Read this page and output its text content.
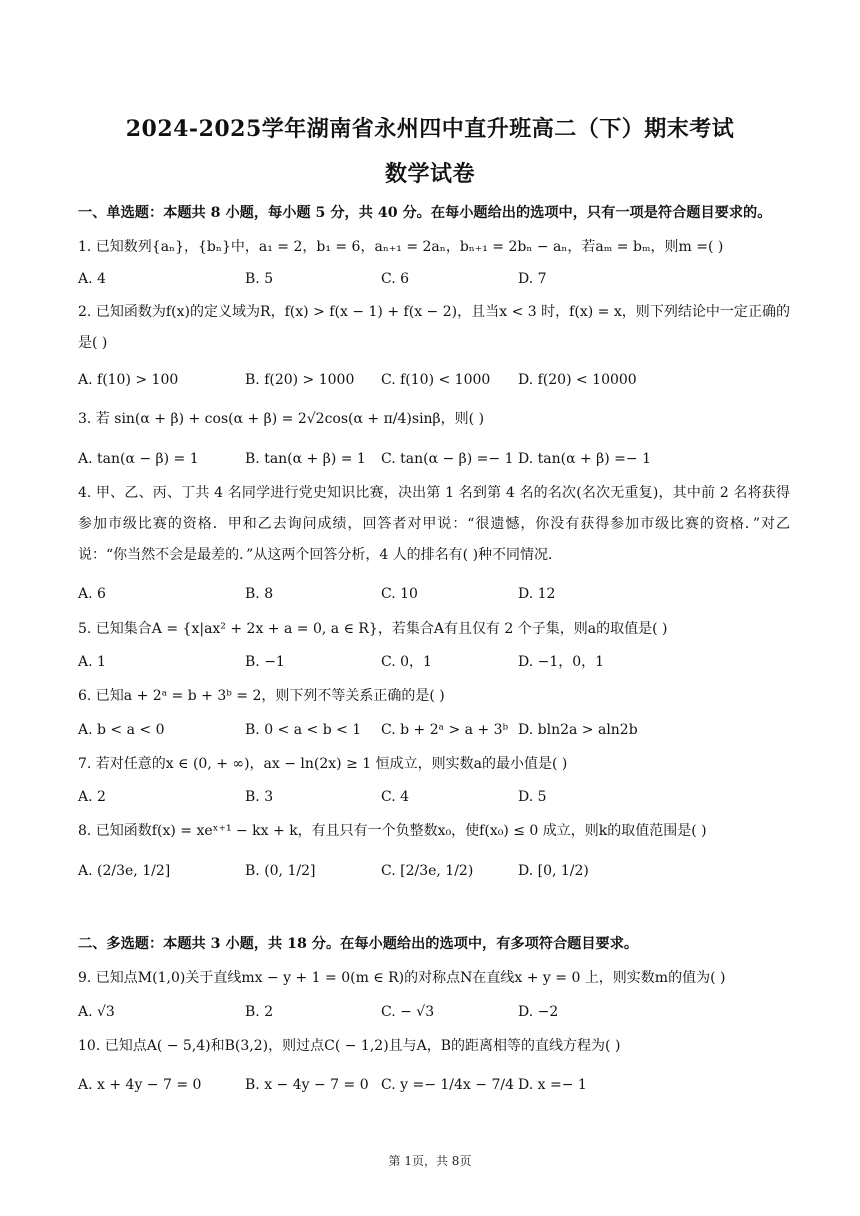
2024-2025学年湖南省永州四中直升班高二（下）期末考试
数学试卷
一、单选题：本题共 8 小题，每小题 5 分，共 40 分。在每小题给出的选项中，只有一项是符合题目要求的。
1. 已知数列{aₙ}，{bₙ}中，a₁ = 2，b₁ = 6，aₙ₊₁ = 2aₙ，bₙ₊₁ = 2bₙ − aₙ，若aₘ = bₘ，则m =( )
A. 4	B. 5	C. 6	D. 7
2. 已知函数为f(x)的定义域为R，f(x) > f(x − 1) + f(x − 2)，且当x < 3 时，f(x) = x，则下列结论中一定正确的是( )
A. f(10) > 100	B. f(20) > 1000 C. f(10) < 1000 D. f(20) < 10000
3. 若 sin(α + β) + cos(α + β) = 2√2cos(α + π/4)sinβ，则( )
A. tan(α − β) = 1	B. tan(α + β) = 1 C. tan(α − β) =− 1 D. tan(α + β) =− 1
4. 甲、乙、丙、丁共 4 名同学进行党史知识比赛，决出第 1 名到第 4 名的名次(名次无重复)，其中前 2 名将获得参加市级比赛的资格．甲和乙去询问成绩，回答者对甲说：“很遗憾，你没有获得参加市级比赛的资格．”对乙说：“你当然不会是最差的．”从这两个回答分析，4 人的排名有( )种不同情况．
A. 6	B. 8	C. 10	D. 12
5. 已知集合A = {x|ax² + 2x + a = 0, a ∈ R}，若集合A有且仅有 2 个子集，则a的取值是( )
A. 1	B. −1	C. 0，1	D. −1，0，1
6. 已知a + 2ᵃ = b + 3ᵇ = 2，则下列不等关系正确的是( )
A. b < a < 0	B. 0 < a < b < 1 C. b + 2ᵃ > a + 3ᵇ D. bln2a > aln2b
7. 若对任意的x ∈ (0, + ∞)，ax − ln(2x) ≥ 1 恒成立，则实数a的最小值是( )
A. 2	B. 3	C. 4	D. 5
8. 已知函数f(x) = xeˣ⁺¹ − kx + k，有且只有一个负整数x₀，使f(x₀) ≤ 0 成立，则k的取值范围是( )
A. (2/3e, 1/2]	B. (0, 1/2]	C. [2/3e, 1/2)	D. [0, 1/2)
二、多选题：本题共 3 小题，共 18 分。在每小题给出的选项中，有多项符合题目要求。
9. 已知点M(1,0)关于直线mx − y + 1 = 0(m ∈ R)的对称点N在直线x + y = 0 上，则实数m的值为( )
A. √3	B. 2	C. − √3	D. −2
10. 已知点A( − 5,4)和B(3,2)，则过点C( − 1,2)且与A，B的距离相等的直线方程为( )
A. x + 4y − 7 = 0	B. x − 4y − 7 = 0 C. y =− 1/4x − 7/4 D. x =− 1
第 1页，共 8页
